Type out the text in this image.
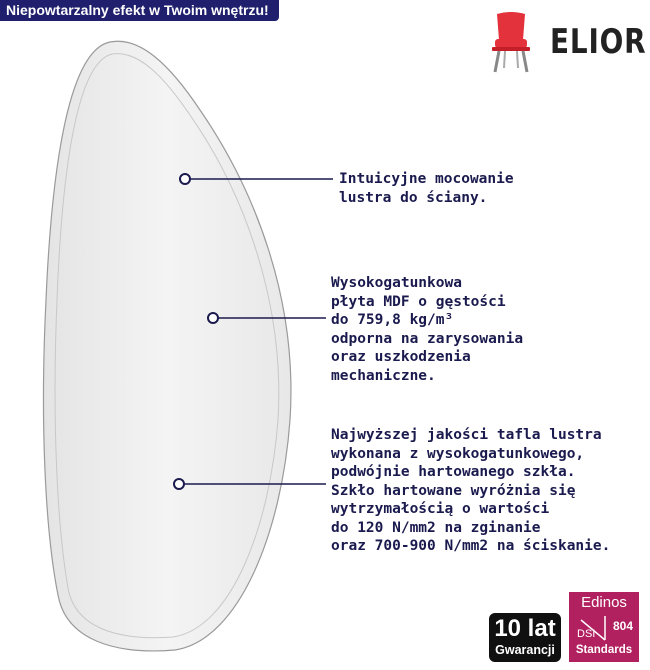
Niepowtarzalny efekt w Twoim wnętrzu!
ELIOR
Intuicyjne mocowanie
lustra do ściany.
Wysokogatunkowa
płyta MDF o gęstości
do 759,8 kg/m³
odporna na zarysowania
oraz uszkodzenia
mechaniczne.
Najwyższej jakości tafla lustra
wykonana z wysokogatunkowego,
podwójnie hartowanego szkła.
Szkło hartowane wyróżnia się
wytrzymałością o wartości
do 120 N/mm2 na zginanie
oraz 700-900 N/mm2 na ściskanie.
10 lat
Gwarancji
Edinos
DSI
804
Standards
